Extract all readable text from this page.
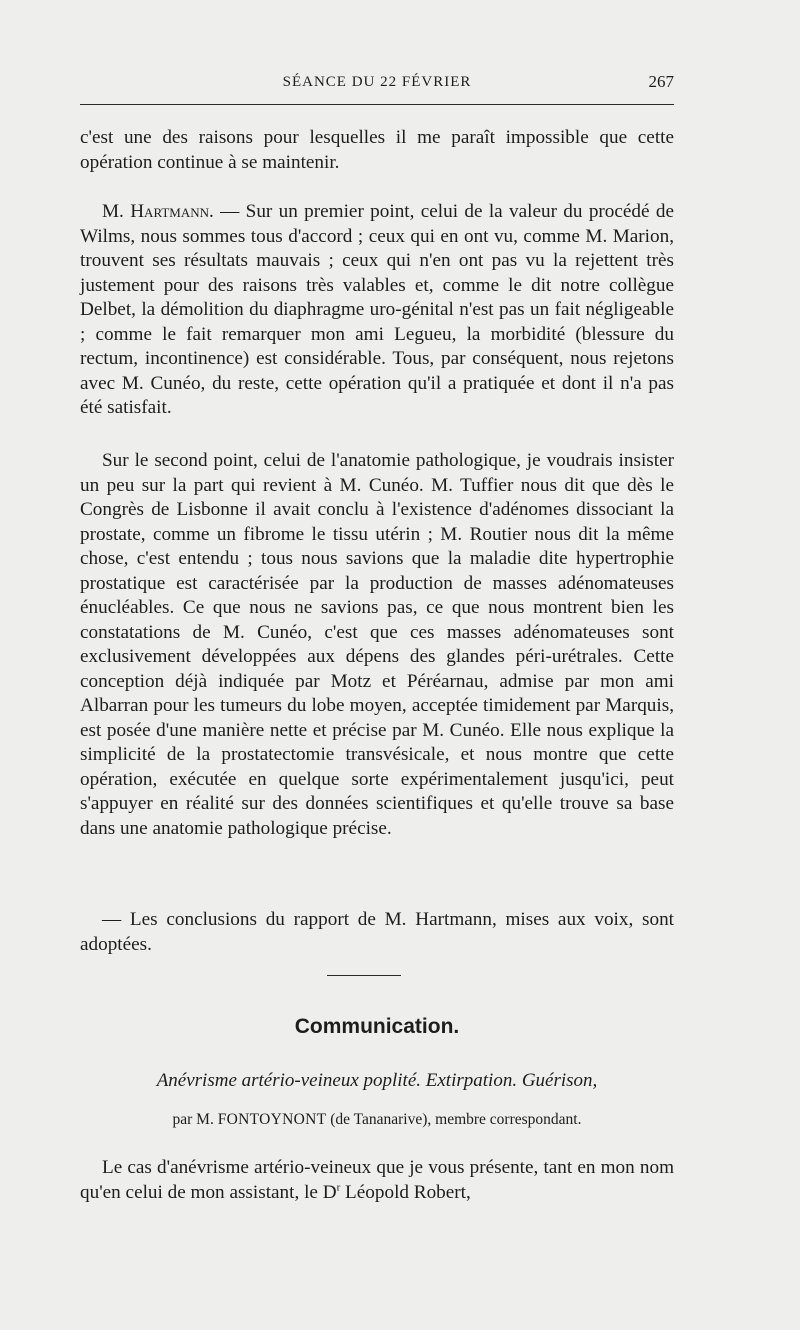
SÉANCE DU 22 FÉVRIER	267

c'est une des raisons pour lesquelles il me paraît impossible que cette opération continue à se maintenir.

M. Hartmann. — Sur un premier point, celui de la valeur du procédé de Wilms, nous sommes tous d'accord ; ceux qui en ont vu, comme M. Marion, trouvent ses résultats mauvais ; ceux qui n'en ont pas vu la rejettent très justement pour des raisons très valables et, comme le dit notre collègue Delbet, la démolition du diaphragme uro-génital n'est pas un fait négligeable ; comme le fait remarquer mon ami Legueu, la morbidité (blessure du rectum, incontinence) est considérable. Tous, par conséquent, nous rejetons avec M. Cunéo, du reste, cette opération qu'il a pratiquée et dont il n'a pas été satisfait.

Sur le second point, celui de l'anatomie pathologique, je voudrais insister un peu sur la part qui revient à M. Cunéo. M. Tuffier nous dit que dès le Congrès de Lisbonne il avait conclu à l'existence d'adénomes dissociant la prostate, comme un fibrome le tissu utérin ; M. Routier nous dit la même chose, c'est entendu ; tous nous savions que la maladie dite hypertrophie prostatique est caractérisée par la production de masses adénomateuses énucléables. Ce que nous ne savions pas, ce que nous montrent bien les constatations de M. Cunéo, c'est que ces masses adénomateuses sont exclusivement développées aux dépens des glandes péri-urétrales. Cette conception déjà indiquée par Motz et Péréarnau, admise par mon ami Albarran pour les tumeurs du lobe moyen, acceptée timidement par Marquis, est posée d'une manière nette et précise par M. Cunéo. Elle nous explique la simplicité de la prostatectomie transvésicale, et nous montre que cette opération, exécutée en quelque sorte expérimentalement jusqu'ici, peut s'appuyer en réalité sur des données scientifiques et qu'elle trouve sa base dans une anatomie pathologique précise.

— Les conclusions du rapport de M. Hartmann, mises aux voix, sont adoptées.

Communication.

Anévrisme artério-veineux poplité. Extirpation. Guérison,

par M. FONTOYNONT (de Tananarive), membre correspondant.

Le cas d'anévrisme artério-veineux que je vous présente, tant en mon nom qu'en celui de mon assistant, le $D^r$ Léopold Robert,
